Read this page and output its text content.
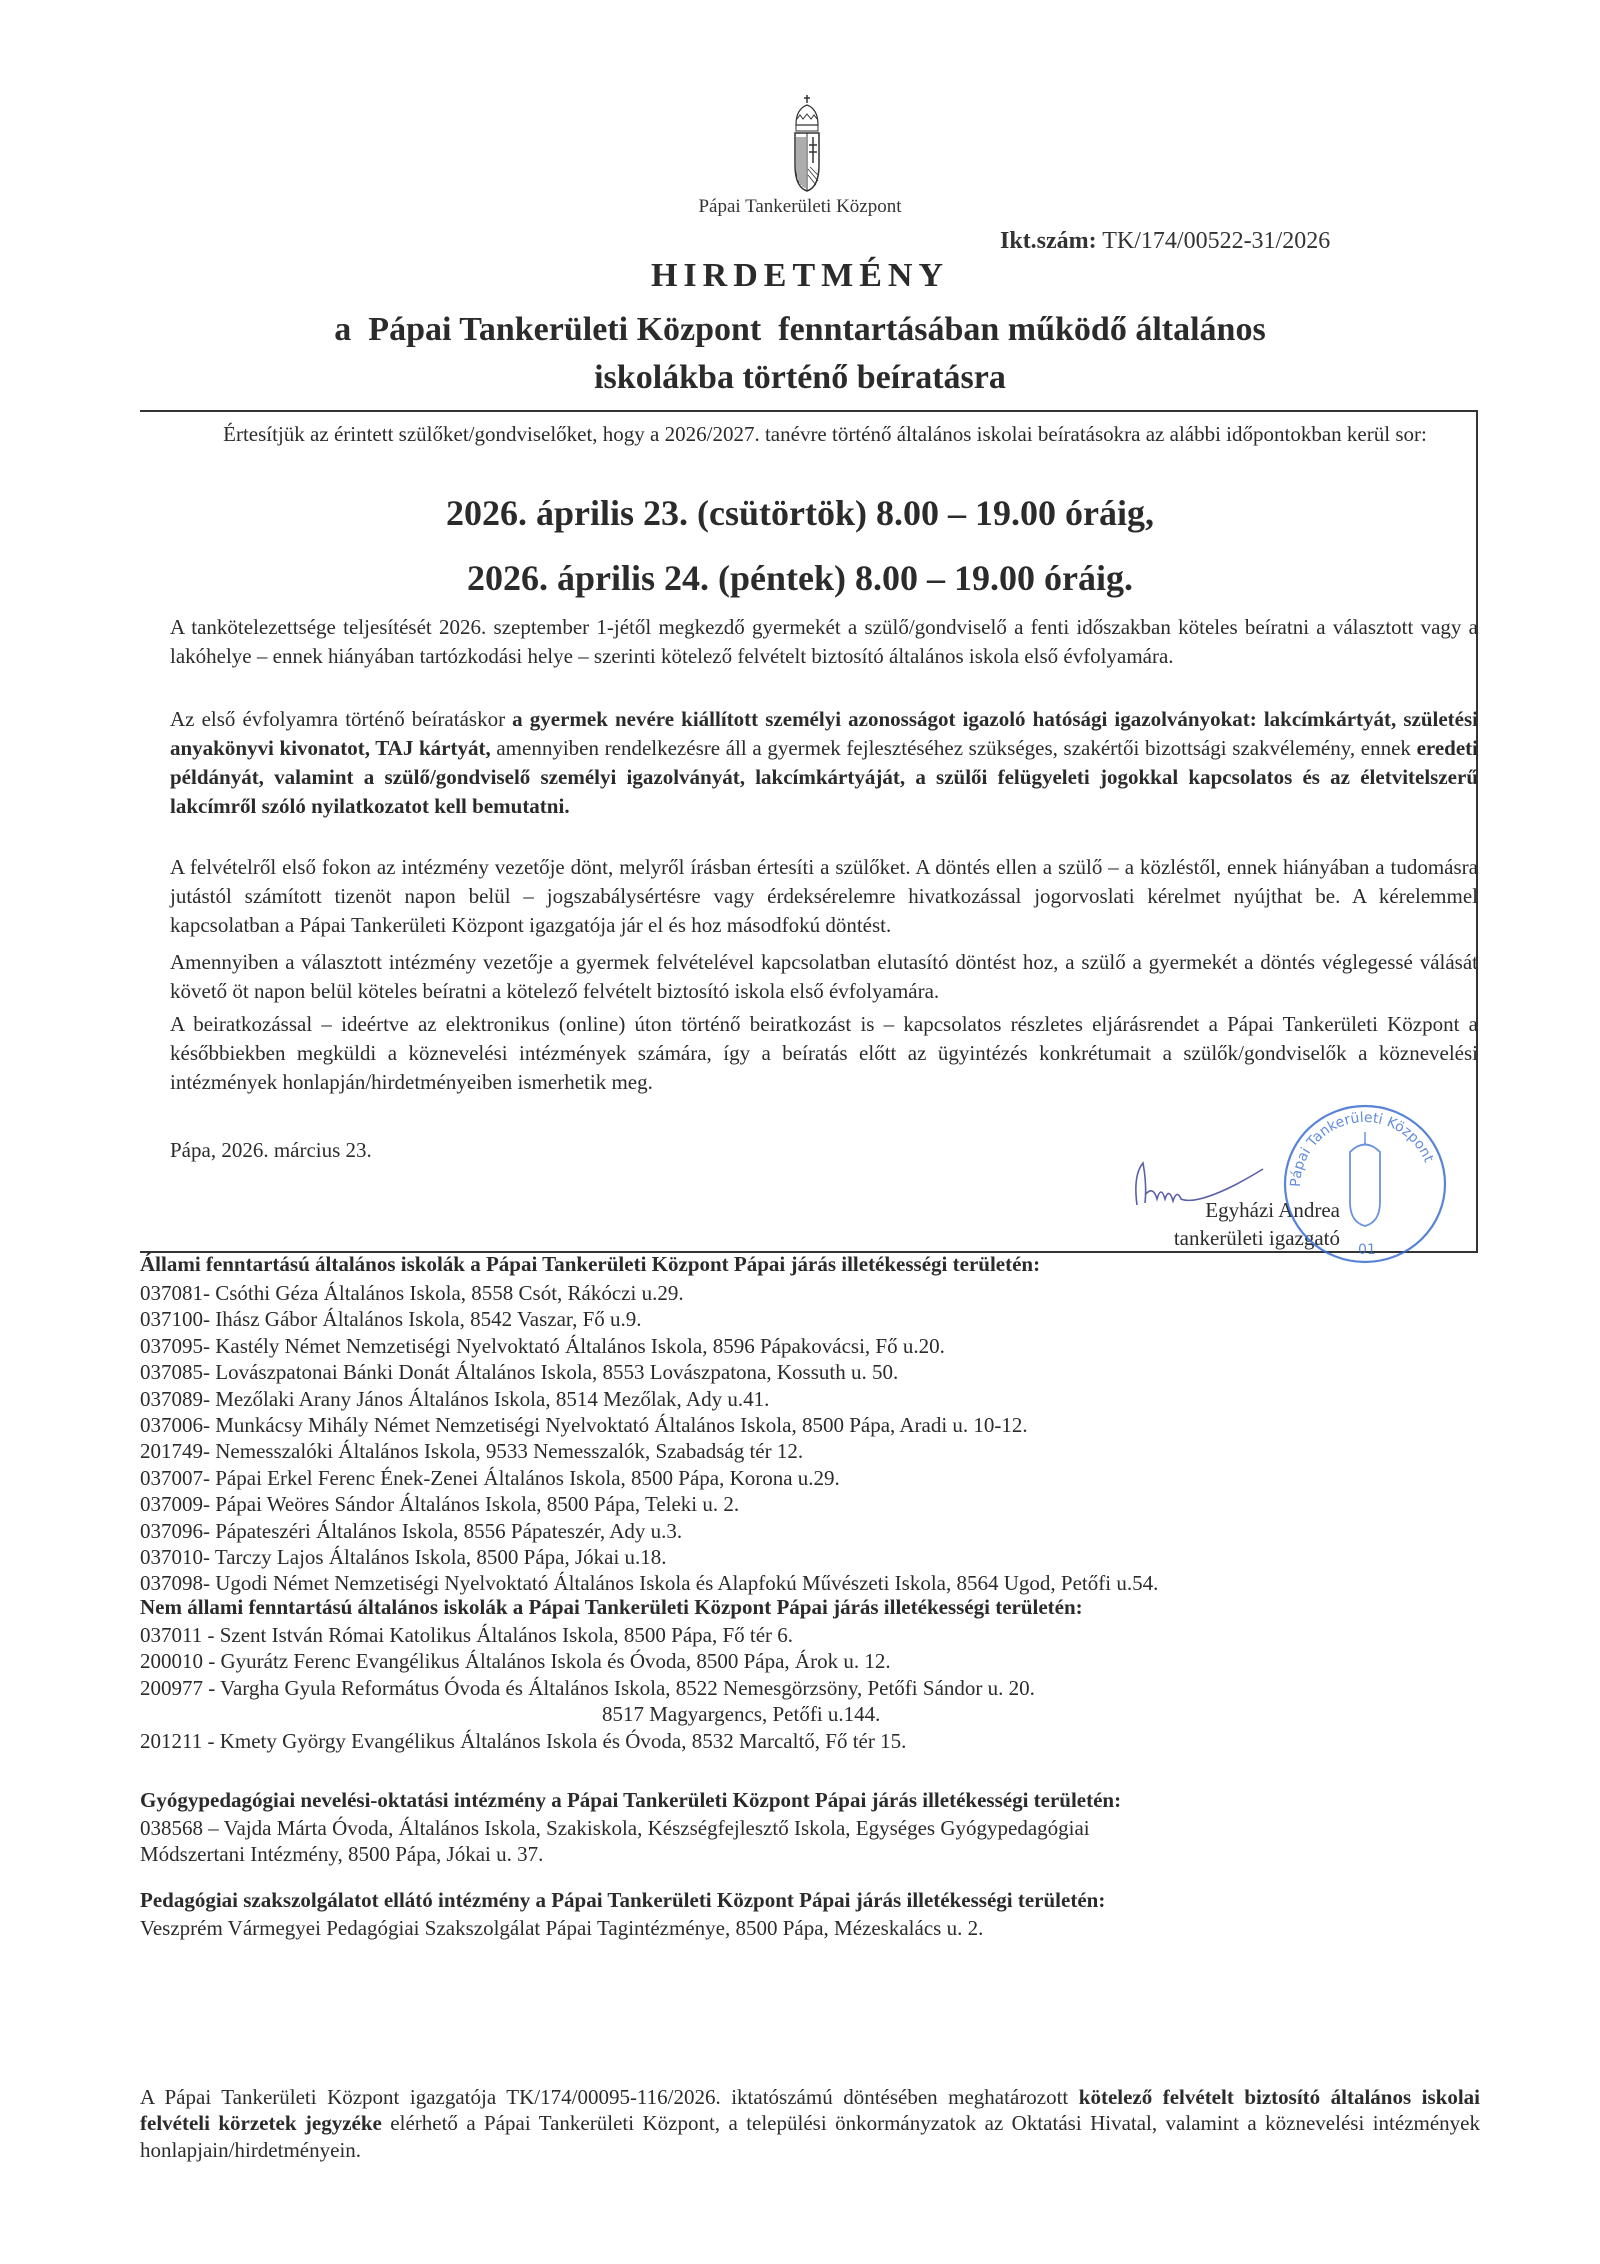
Pápai Tankerületi Központ
Ikt.szám: TK/174/00522-31/2026
HIRDETMÉNY
a  Pápai Tankerületi Központ  fenntartásában működő általános
iskolákba történő beíratásra
Értesítjük az érintett szülőket/gondviselőket, hogy a 2026/2027. tanévre történő általános iskolai beíratásokra az alábbi időpontokban kerül sor:
2026. április 23. (csütörtök) 8.00 – 19.00 óráig,
2026. április 24. (péntek) 8.00 – 19.00 óráig.
A tankötelezettsége teljesítését 2026. szeptember 1-jétől megkezdő gyermekét a szülő/gondviselő a fenti időszakban köteles beíratni a választott vagy a lakóhelye – ennek hiányában tartózkodási helye – szerinti kötelező felvételt biztosító általános iskola első évfolyamára.
Az első évfolyamra történő beíratáskor a gyermek nevére kiállított személyi azonosságot igazoló hatósági igazolványokat: lakcímkártyát, születési anyakönyvi kivonatot, TAJ kártyát, amennyiben rendelkezésre áll a gyermek fejlesztéséhez szükséges, szakértői bizottsági szakvélemény, ennek eredeti példányát, valamint a szülő/gondviselő személyi igazolványát, lakcímkártyáját, a szülői felügyeleti jogokkal kapcsolatos és az életvitelszerű lakcímről szóló nyilatkozatot kell bemutatni.
A felvételről első fokon az intézmény vezetője dönt, melyről írásban értesíti a szülőket. A döntés ellen a szülő – a közléstől, ennek hiányában a tudomásra jutástól számított tizenöt napon belül – jogszabálysértésre vagy érdeksérelemre hivatkozással jogorvoslati kérelmet nyújthat be. A kérelemmel kapcsolatban a Pápai Tankerületi Központ igazgatója jár el és hoz másodfokú döntést.
Amennyiben a választott intézmény vezetője a gyermek felvételével kapcsolatban elutasító döntést hoz, a szülő a gyermekét a döntés véglegessé válását követő öt napon belül köteles beíratni a kötelező felvételt biztosító iskola első évfolyamára.
A beiratkozással – ideértve az elektronikus (online) úton történő beiratkozást is – kapcsolatos részletes eljárásrendet a Pápai Tankerületi Központ a későbbiekben megküldi a köznevelési intézmények számára, így a beíratás előtt az ügyintézés konkrétumait a szülők/gondviselők a köznevelési intézmények honlapján/hirdetményeiben ismerhetik meg.
Pápa, 2026. március 23.
Egyházi Andrea
tankerületi igazgató
Pápai Tankerületi Központ
01
Állami fenntartású általános iskolák a Pápai Tankerületi Központ Pápai járás illetékességi területén:
037081- Csóthi Géza Általános Iskola, 8558 Csót, Rákóczi u.29.
037100- Ihász Gábor Általános Iskola, 8542 Vaszar, Fő u.9.
037095- Kastély Német Nemzetiségi Nyelvoktató Általános Iskola, 8596 Pápakovácsi, Fő u.20.
037085- Lovászpatonai Bánki Donát Általános Iskola, 8553 Lovászpatona, Kossuth u. 50.
037089- Mezőlaki Arany János Általános Iskola, 8514 Mezőlak, Ady u.41.
037006- Munkácsy Mihály Német Nemzetiségi Nyelvoktató Általános Iskola, 8500 Pápa, Aradi u. 10-12.
201749- Nemesszalóki Általános Iskola, 9533 Nemesszalók, Szabadság tér 12.
037007- Pápai Erkel Ferenc Ének-Zenei Általános Iskola, 8500 Pápa, Korona u.29.
037009- Pápai Weöres Sándor Általános Iskola, 8500 Pápa, Teleki u. 2.
037096- Pápateszéri Általános Iskola, 8556 Pápateszér, Ady u.3.
037010- Tarczy Lajos Általános Iskola, 8500 Pápa, Jókai u.18.
037098- Ugodi Német Nemzetiségi Nyelvoktató Általános Iskola és Alapfokú Művészeti Iskola, 8564 Ugod, Petőfi u.54.
Nem állami fenntartású általános iskolák a Pápai Tankerületi Központ Pápai járás illetékességi területén:
037011 - Szent István Római Katolikus Általános Iskola, 8500 Pápa, Fő tér 6.
200010 - Gyurátz Ferenc Evangélikus Általános Iskola és Óvoda, 8500 Pápa, Árok u. 12.
200977 - Vargha Gyula Református Óvoda és Általános Iskola, 8522 Nemesgörzsöny, Petőfi Sándor u. 20.
8517 Magyargencs, Petőfi u.144.
201211 - Kmety György Evangélikus Általános Iskola és Óvoda, 8532 Marcaltő, Fő tér 15.
Gyógypedagógiai nevelési-oktatási intézmény a Pápai Tankerületi Központ Pápai járás illetékességi területén:
038568 – Vajda Márta Óvoda, Általános Iskola, Szakiskola, Készségfejlesztő Iskola, Egységes Gyógypedagógiai
Módszertani Intézmény, 8500 Pápa, Jókai u. 37.
Pedagógiai szakszolgálatot ellátó intézmény a Pápai Tankerületi Központ Pápai járás illetékességi területén:
Veszprém Vármegyei Pedagógiai Szakszolgálat Pápai Tagintézménye, 8500 Pápa, Mézeskalács u. 2.
A Pápai Tankerületi Központ igazgatója TK/174/00095-116/2026. iktatószámú döntésében meghatározott kötelező felvételt biztosító általános iskolai felvételi körzetek jegyzéke elérhető a Pápai Tankerületi Központ, a települési önkormányzatok az Oktatási Hivatal, valamint a köznevelési intézmények honlapjain/hirdetményein.
